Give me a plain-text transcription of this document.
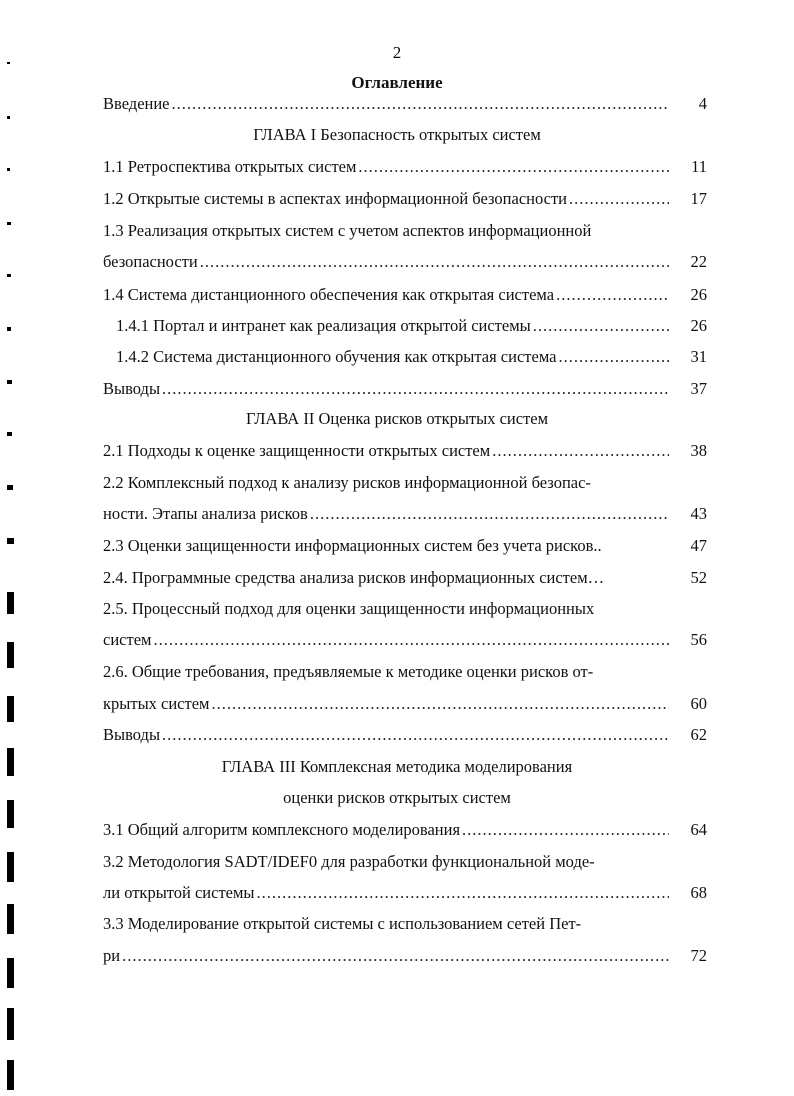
2
Оглавление
Введение .....	4
ГЛАВА I Безопасность открытых систем
1.1 Ретроспектива открытых систем .....	11
1.2 Открытые системы в аспектах информационной безопасности .....	17
1.3 Реализация открытых систем с учетом аспектов информационной
безопасности .....	22
1.4 Система дистанционного обеспечения как открытая система .....	26
1.4.1 Портал и интранет как реализация открытой системы .....	26
1.4.2 Система дистанционного обучения как открытая система .....	31
Выводы .....	37
ГЛАВА II Оценка рисков открытых систем
2.1 Подходы к оценке защищенности открытых систем .....	38
2.2 Комплексный подход к анализу рисков информационной безопас-
ности. Этапы анализа рисков .....	43
2.3 Оценки защищенности информационных систем без учета рисков..	47
2.4. Программные средства анализа рисков информационных систем…	52
2.5. Процессный подход для оценки защищенности информационных
систем .....	56
2.6. Общие требования, предъявляемые к методике оценки рисков от-
крытых систем .....	60
Выводы .....	62
ГЛАВА III Комплексная методика моделирования
оценки рисков открытых систем
3.1 Общий алгоритм комплексного моделирования .....	64
3.2 Методология SADT/IDEF0 для разработки функциональной моде-
ли открытой системы .....	68
3.3 Моделирование открытой системы с использованием сетей Пет-
ри .....	72
